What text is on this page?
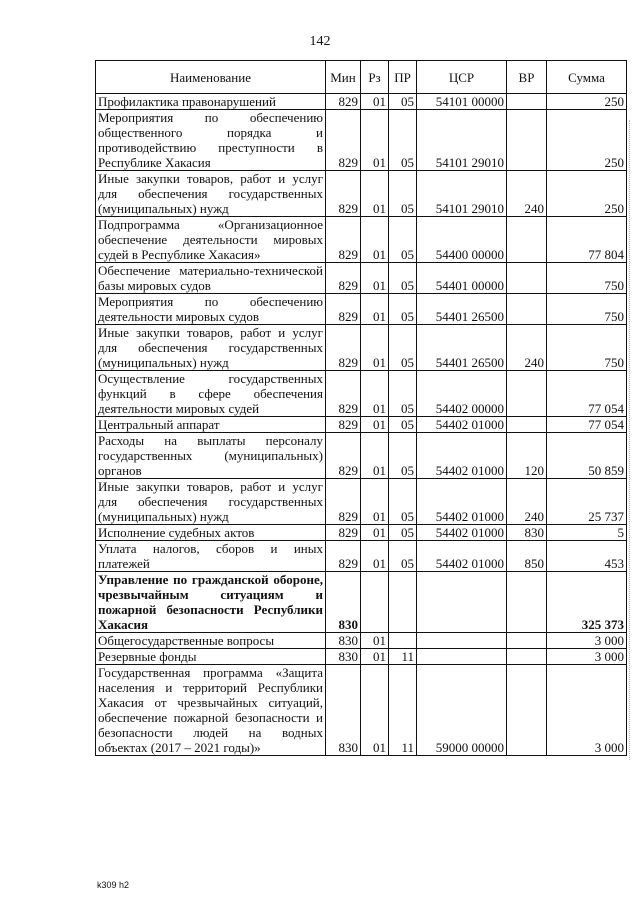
142
Наименование	Мин	Рз	ПР	ЦСР	ВР	Сумма
Профилактика правонарушений	829	01	05	54101 00000		250
Мероприятия по обеспечению общественного порядка и противодействию преступности в Республике Хакасия	829	01	05	54101 29010		250
Иные закупки товаров, работ и услуг для обеспечения государственных (муниципальных) нужд	829	01	05	54101 29010	240	250
Подпрограмма «Организационное обеспечение деятельности мировых судей в Республике Хакасия»	829	01	05	54400 00000		77 804
Обеспечение материально-технической базы мировых судов	829	01	05	54401 00000		750
Мероприятия по обеспечению деятельности мировых судов	829	01	05	54401 26500		750
Иные закупки товаров, работ и услуг для обеспечения государственных (муниципальных) нужд	829	01	05	54401 26500	240	750
Осуществление государственных функций в сфере обеспечения деятельности мировых судей	829	01	05	54402 00000		77 054
Центральный аппарат	829	01	05	54402 01000		77 054
Расходы на выплаты персоналу государственных (муниципальных) органов	829	01	05	54402 01000	120	50 859
Иные закупки товаров, работ и услуг для обеспечения государственных (муниципальных) нужд	829	01	05	54402 01000	240	25 737
Исполнение судебных актов	829	01	05	54402 01000	830	5
Уплата налогов, сборов и иных платежей	829	01	05	54402 01000	850	453
Управление по гражданской обороне, чрезвычайным ситуациям и пожарной безопасности Республики Хакасия	830					325 373
Общегосударственные вопросы	830	01				3 000
Резервные фонды	830	01	11			3 000
Государственная программа «Защита населения и территорий Республики Хакасия от чрезвычайных ситуаций, обеспечение пожарной безопасности и безопасности людей на водных объектах (2017 – 2021 годы)»	830	01	11	59000 00000		3 000
k309 h2
